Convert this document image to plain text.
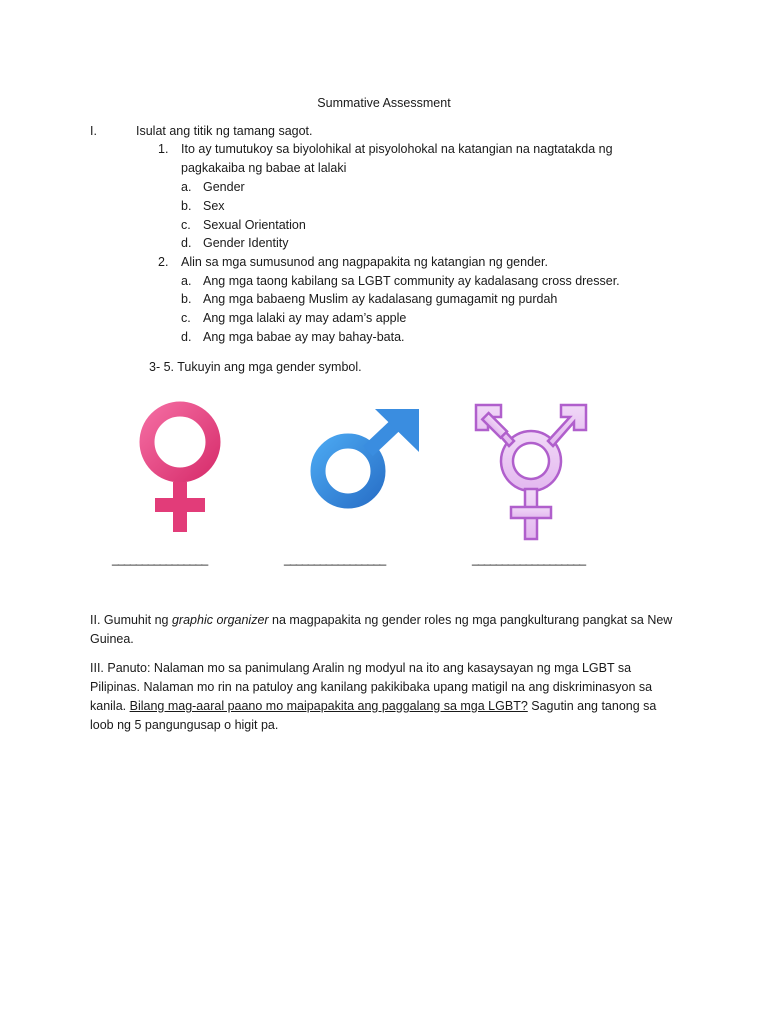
Summative Assessment
I.	Isulat ang titik ng tamang sagot.
1. Ito ay tumutukoy sa biyolohikal at pisyolohokal na katangian na nagtatakda ng
pagkakaiba ng babae at lalaki
a. Gender
b. Sex
c. Sexual Orientation
d. Gender Identity
2. Alin sa mga sumusunod ang nagpapakita ng katangian ng gender.
a. Ang mga taong kabilang sa LGBT community ay kadalasang cross dresser.
b. Ang mga babaeng Muslim ay kadalasang gumagamit ng purdah
c. Ang mga lalaki ay may adam’s apple
d. Ang mga babae ay may bahay-bata.
3- 5. Tukuyin ang mga gender symbol.
________________	_________________	___________________
II. Gumuhit ng graphic organizer na magpapakita ng gender roles ng mga pangkulturang pangkat sa New Guinea.
III. Panuto: Nalaman mo sa panimulang Aralin ng modyul na ito ang kasaysayan ng mga LGBT sa Pilipinas. Nalaman mo rin na patuloy ang kanilang pakikibaka upang matigil na ang diskriminasyon sa kanila. Bilang mag-aaral paano mo maipapakita ang paggalang sa mga LGBT? Sagutin ang tanong sa loob ng 5 pangungusap o higit pa.
